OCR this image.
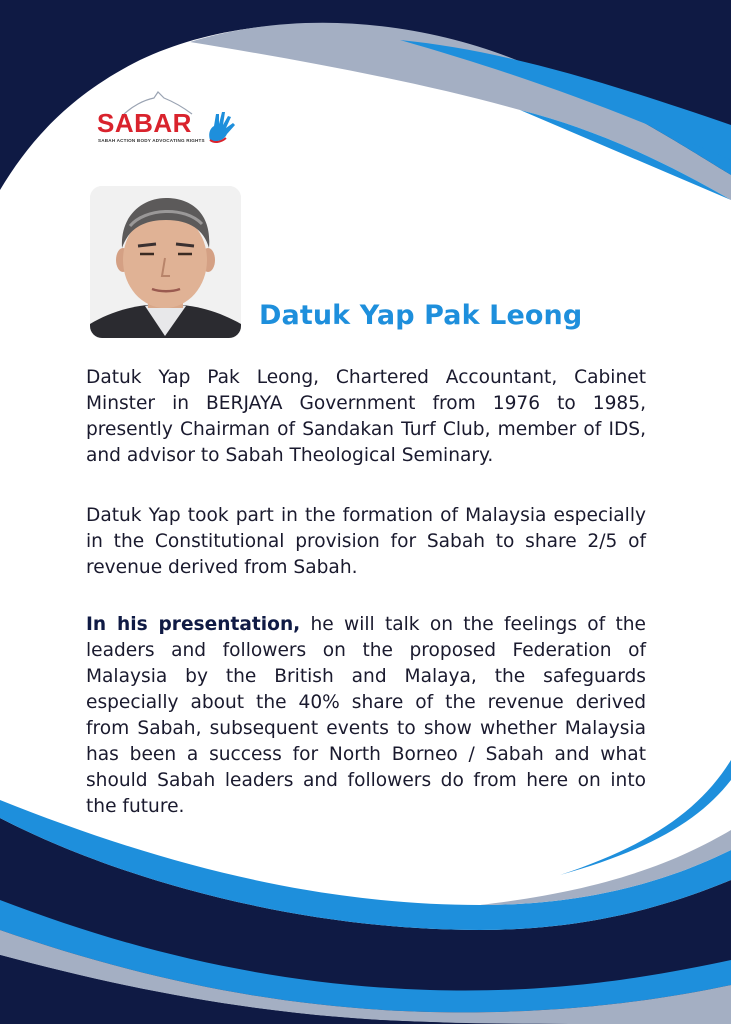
SABAR
SABAH ACTION BODY ADVOCATING RIGHTS
Datuk Yap Pak Leong

Datuk Yap Pak Leong, Chartered Accountant, Cabinet Minster in BERJAYA Government from 1976 to 1985, presently Chairman of Sandakan Turf Club, member of IDS, and advisor to Sabah Theological Seminary.

Datuk Yap took part in the formation of Malaysia especially in the Constitutional provision for Sabah to share 2/5 of revenue derived from Sabah.

In his presentation, he will talk on the feelings of the leaders and followers on the proposed Federation of Malaysia by the British and Malaya, the safeguards especially about the 40% share of the revenue derived from Sabah, subsequent events to show whether Malaysia has been a success for North Borneo / Sabah and what should Sabah leaders and followers do from here on into the future.
